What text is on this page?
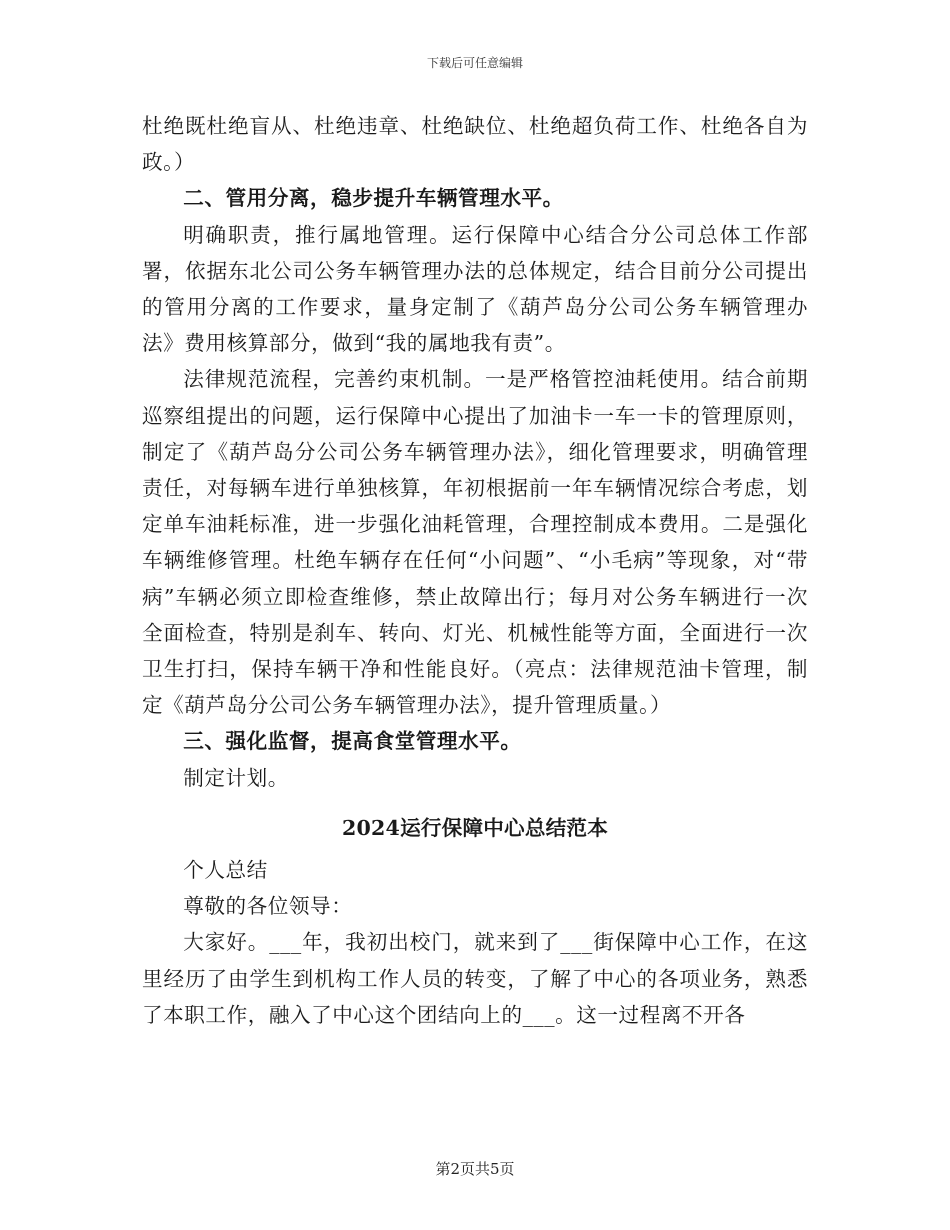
下载后可任意编辑

杜绝既杜绝盲从、杜绝违章、杜绝缺位、杜绝超负荷工作、杜绝各自为政。）

二、管用分离，稳步提升车辆管理水平。

明确职责，推行属地管理。运行保障中心结合分公司总体工作部署，依据东北公司公务车辆管理办法的总体规定，结合目前分公司提出的管用分离的工作要求，量身定制了《葫芦岛分公司公务车辆管理办法》费用核算部分，做到“我的属地我有责”。

法律规范流程，完善约束机制。一是严格管控油耗使用。结合前期巡察组提出的问题，运行保障中心提出了加油卡一车一卡的管理原则，制定了《葫芦岛分公司公务车辆管理办法》，细化管理要求，明确管理责任，对每辆车进行单独核算，年初根据前一年车辆情况综合考虑，划定单车油耗标准，进一步强化油耗管理，合理控制成本费用。二是强化车辆维修管理。杜绝车辆存在任何“小问题”、“小毛病”等现象，对“带病”车辆必须立即检查维修，禁止故障出行；每月对公务车辆进行一次全面检查，特别是刹车、转向、灯光、机械性能等方面，全面进行一次卫生打扫，保持车辆干净和性能良好。（亮点：法律规范油卡管理，制定《葫芦岛分公司公务车辆管理办法》，提升管理质量。）

三、强化监督，提高食堂管理水平。

制定计划。

2024运行保障中心总结范本

个人总结

尊敬的各位领导：

大家好。___年，我初出校门，就来到了___街保障中心工作，在这里经历了由学生到机构工作人员的转变，了解了中心的各项业务，熟悉了本职工作，融入了中心这个团结向上的___。这一过程离不开各

第2页共5页
